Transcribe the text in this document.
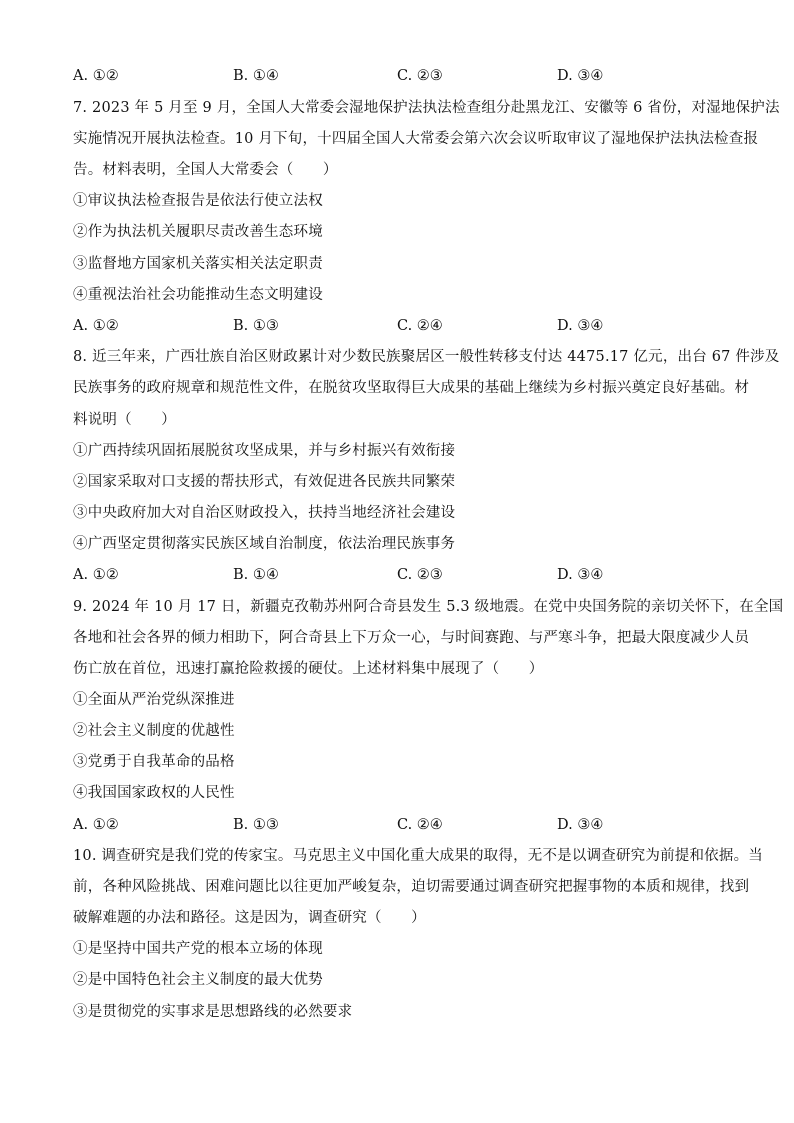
A. ①②	B. ①④	C. ②③	D. ③④
7. 2023 年 5 月至 9 月，全国人大常委会湿地保护法执法检查组分赴黑龙江、安徽等 6 省份，对湿地保护法
实施情况开展执法检查。10 月下旬，十四届全国人大常委会第六次会议听取审议了湿地保护法执法检查报
告。材料表明，全国人大常委会（　　）
①审议执法检查报告是依法行使立法权
②作为执法机关履职尽责改善生态环境
③监督地方国家机关落实相关法定职责
④重视法治社会功能推动生态文明建设
A. ①②	B. ①③	C. ②④	D. ③④
8. 近三年来，广西壮族自治区财政累计对少数民族聚居区一般性转移支付达 4475.17 亿元，出台 67 件涉及
民族事务的政府规章和规范性文件，在脱贫攻坚取得巨大成果的基础上继续为乡村振兴奠定良好基础。材
料说明（　　）
①广西持续巩固拓展脱贫攻坚成果，并与乡村振兴有效衔接
②国家采取对口支援的帮扶形式，有效促进各民族共同繁荣
③中央政府加大对自治区财政投入，扶持当地经济社会建设
④广西坚定贯彻落实民族区域自治制度，依法治理民族事务
A. ①②	B. ①④	C. ②③	D. ③④
9. 2024 年 10 月 17 日，新疆克孜勒苏州阿合奇县发生 5.3 级地震。在党中央国务院的亲切关怀下，在全国
各地和社会各界的倾力相助下，阿合奇县上下万众一心，与时间赛跑、与严寒斗争，把最大限度减少人员
伤亡放在首位，迅速打赢抢险救援的硬仗。上述材料集中展现了（　　）
①全面从严治党纵深推进
②社会主义制度的优越性
③党勇于自我革命的品格
④我国国家政权的人民性
A. ①②	B. ①③	C. ②④	D. ③④
10. 调查研究是我们党的传家宝。马克思主义中国化重大成果的取得，无不是以调查研究为前提和依据。当
前，各种风险挑战、困难问题比以往更加严峻复杂，迫切需要通过调查研究把握事物的本质和规律，找到
破解难题的办法和路径。这是因为，调查研究（　　）
①是坚持中国共产党的根本立场的体现
②是中国特色社会主义制度的最大优势
③是贯彻党的实事求是思想路线的必然要求
